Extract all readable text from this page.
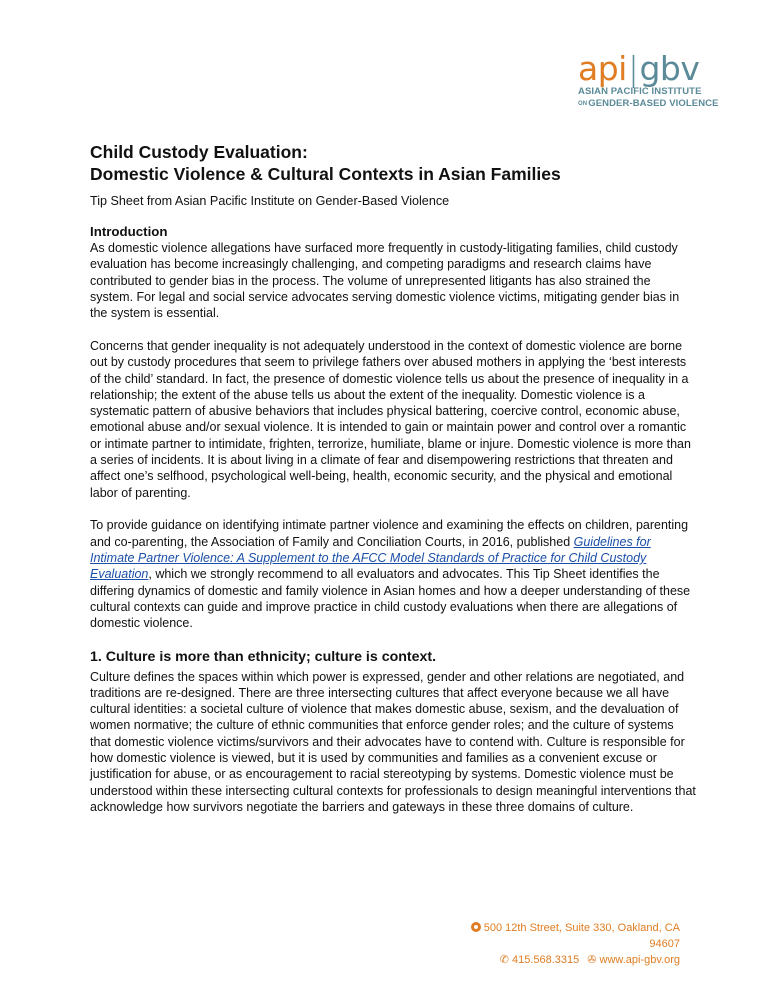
api|gbv
ASIAN PACIFIC INSTITUTE
ONGENDER-BASED VIOLENCE
Child Custody Evaluation:
Domestic Violence & Cultural Contexts in Asian Families
Tip Sheet from Asian Pacific Institute on Gender-Based Violence
Introduction

As domestic violence allegations have surfaced more frequently in custody-litigating families, child custody evaluation has become increasingly challenging, and competing paradigms and research claims have contributed to gender bias in the process. The volume of unrepresented litigants has also strained the system. For legal and social service advocates serving domestic violence victims, mitigating gender bias in the system is essential.

Concerns that gender inequality is not adequately understood in the context of domestic violence are borne out by custody procedures that seem to privilege fathers over abused mothers in applying the ‘best interests of the child’ standard. In fact, the presence of domestic violence tells us about the presence of inequality in a relationship; the extent of the abuse tells us about the extent of the inequality. Domestic violence is a systematic pattern of abusive behaviors that includes physical battering, coercive control, economic abuse, emotional abuse and/or sexual violence. It is intended to gain or maintain power and control over a romantic or intimate partner to intimidate, frighten, terrorize, humiliate, blame or injure. Domestic violence is more than a series of incidents. It is about living in a climate of fear and disempowering restrictions that threaten and affect one’s selfhood, psychological well-being, health, economic security, and the physical and emotional labor of parenting.

To provide guidance on identifying intimate partner violence and examining the effects on children, parenting and co-parenting, the Association of Family and Conciliation Courts, in 2016, published Guidelines for Intimate Partner Violence: A Supplement to the AFCC Model Standards of Practice for Child Custody Evaluation, which we strongly recommend to all evaluators and advocates. This Tip Sheet identifies the differing dynamics of domestic and family violence in Asian homes and how a deeper understanding of these cultural contexts can guide and improve practice in child custody evaluations when there are allegations of domestic violence.

1. Culture is more than ethnicity; culture is context.

Culture defines the spaces within which power is expressed, gender and other relations are negotiated, and traditions are re-designed. There are three intersecting cultures that affect everyone because we all have cultural identities: a societal culture of violence that makes domestic abuse, sexism, and the devaluation of women normative; the culture of ethnic communities that enforce gender roles; and the culture of systems that domestic violence victims/survivors and their advocates have to contend with. Culture is responsible for how domestic violence is viewed, but it is used by communities and families as a convenient excuse or justification for abuse, or as encouragement to racial stereotyping by systems. Domestic violence must be understood within these intersecting cultural contexts for professionals to design meaningful interventions that acknowledge how survivors negotiate the barriers and gateways in these three domains of culture.

500 12th Street, Suite 330, Oakland, CA 94607
✆ 415.568.3315 ✇ www.api-gbv.org
